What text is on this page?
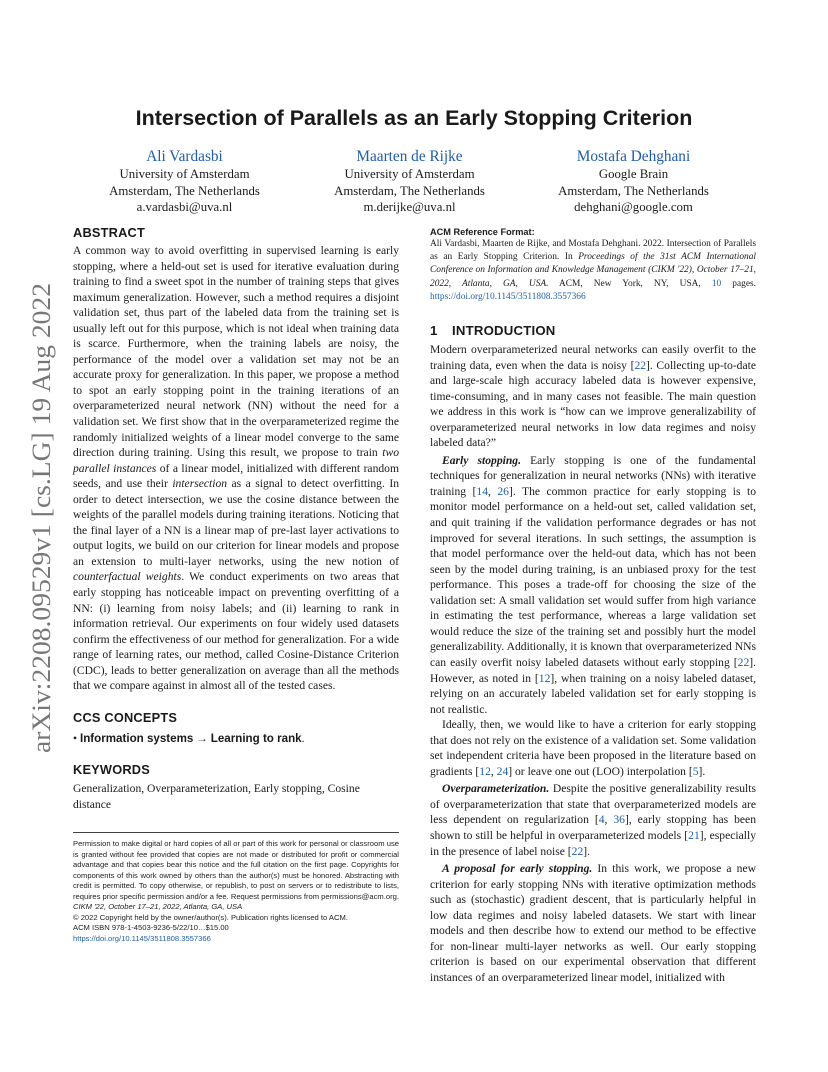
arXiv:2208.09529v1 [cs.LG] 19 Aug 2022
Intersection of Parallels as an Early Stopping Criterion
Ali Vardasbi
University of Amsterdam
Amsterdam, The Netherlands
a.vardasbi@uva.nl
Maarten de Rijke
University of Amsterdam
Amsterdam, The Netherlands
m.derijke@uva.nl
Mostafa Dehghani
Google Brain
Amsterdam, The Netherlands
dehghani@google.com
ABSTRACT

A common way to avoid overfitting in supervised learning is early stopping, where a held-out set is used for iterative evaluation during training to find a sweet spot in the number of training steps that gives maximum generalization. However, such a method requires a disjoint validation set, thus part of the labeled data from the training set is usually left out for this purpose, which is not ideal when training data is scarce. Furthermore, when the training labels are noisy, the performance of the model over a validation set may not be an accurate proxy for generalization. In this paper, we propose a method to spot an early stopping point in the training iterations of an overparameterized neural network (NN) without the need for a validation set. We first show that in the overparameterized regime the randomly initialized weights of a linear model converge to the same direction during training. Using this result, we propose to train two parallel instances of a linear model, initialized with different random seeds, and use their intersection as a signal to detect overfitting. In order to detect intersection, we use the cosine distance between the weights of the parallel models during training iterations. Noticing that the final layer of a NN is a linear map of pre-last layer activations to output logits, we build on our criterion for linear models and propose an extension to multi-layer networks, using the new notion of counterfactual weights. We conduct experiments on two areas that early stopping has noticeable impact on preventing overfitting of a NN: (i) learning from noisy labels; and (ii) learning to rank in information retrieval. Our experiments on four widely used datasets confirm the effectiveness of our method for generalization. For a wide range of learning rates, our method, called Cosine-Distance Criterion (CDC), leads to better generalization on average than all the methods that we compare against in almost all of the tested cases.

CCS CONCEPTS

• Information systems → Learning to rank.

KEYWORDS

Generalization, Overparameterization, Early stopping, Cosine distance

Permission to make digital or hard copies of all or part of this work for personal or classroom use is granted without fee provided that copies are not made or distributed for profit or commercial advantage and that copies bear this notice and the full citation on the first page. Copyrights for components of this work owned by others than the author(s) must be honored. Abstracting with credit is permitted. To copy otherwise, or republish, to post on servers or to redistribute to lists, requires prior specific permission and/or a fee. Request permissions from permissions@acm.org.

CIKM '22, October 17–21, 2022, Atlanta, GA, USA

© 2022 Copyright held by the owner/author(s). Publication rights licensed to ACM.

ACM ISBN 978-1-4503-9236-5/22/10…$15.00

https://doi.org/10.1145/3511808.3557366

ACM Reference Format:

Ali Vardasbi, Maarten de Rijke, and Mostafa Dehghani. 2022. Intersection of Parallels as an Early Stopping Criterion. In Proceedings of the 31st ACM International Conference on Information and Knowledge Management (CIKM '22), October 17–21, 2022, Atlanta, GA, USA. ACM, New York, NY, USA, 10 pages. https://doi.org/10.1145/3511808.3557366

1 INTRODUCTION

Modern overparameterized neural networks can easily overfit to the training data, even when the data is noisy [22]. Collecting up-to-date and large-scale high accuracy labeled data is however expensive, time-consuming, and in many cases not feasible. The main question we address in this work is “how can we improve generalizability of overparameterized neural networks in low data regimes and noisy labeled data?”

Early stopping. Early stopping is one of the fundamental techniques for generalization in neural networks (NNs) with iterative training [14, 26]. The common practice for early stopping is to monitor model performance on a held-out set, called validation set, and quit training if the validation performance degrades or has not improved for several iterations. In such settings, the assumption is that model performance over the held-out data, which has not been seen by the model during training, is an unbiased proxy for the test performance. This poses a trade-off for choosing the size of the validation set: A small validation set would suffer from high variance in estimating the test performance, whereas a large validation set would reduce the size of the training set and possibly hurt the model generalizability. Additionally, it is known that overparameterized NNs can easily overfit noisy labeled datasets without early stopping [22]. However, as noted in [12], when training on a noisy labeled dataset, relying on an accurately labeled validation set for early stopping is not realistic.

Ideally, then, we would like to have a criterion for early stopping that does not rely on the existence of a validation set. Some validation set independent criteria have been proposed in the literature based on gradients [12, 24] or leave one out (LOO) interpolation [5].

Overparameterization. Despite the positive generalizability results of overparameterization that state that overparameterized models are less dependent on regularization [4, 36], early stopping has been shown to still be helpful in overparameterized models [21], especially in the presence of label noise [22].

A proposal for early stopping. In this work, we propose a new criterion for early stopping NNs with iterative optimization methods such as (stochastic) gradient descent, that is particularly helpful in low data regimes and noisy labeled datasets. We start with linear models and then describe how to extend our method to be effective for non-linear multi-layer networks as well. Our early stopping criterion is based on our experimental observation that different instances of an overparameterized linear model, initialized with
